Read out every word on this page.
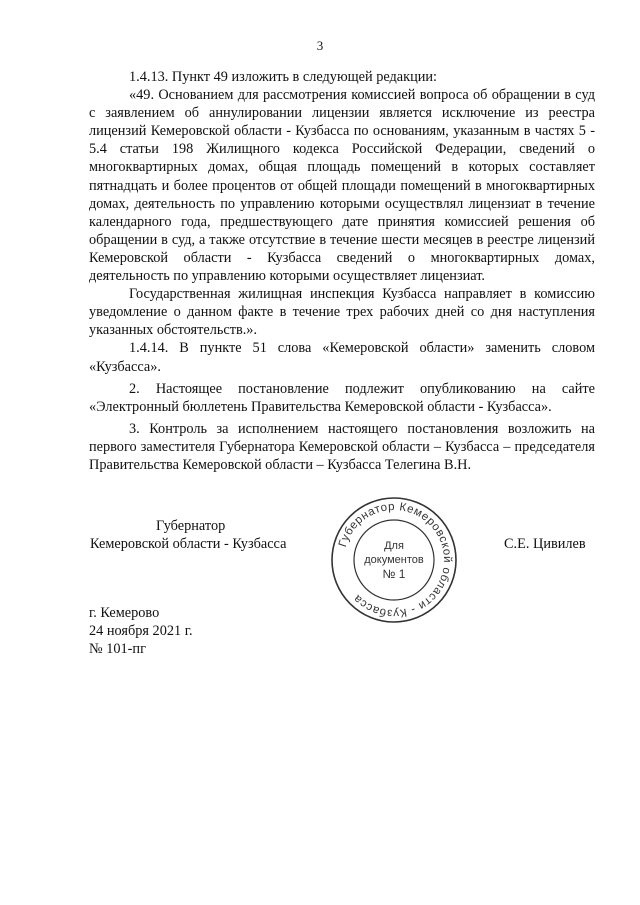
3

1.4.13. Пункт 49 изложить в следующей редакции:

«49. Основанием для рассмотрения комиссией вопроса об обращении в суд с заявлением об аннулировании лицензии является исключение из реестра лицензий Кемеровской области - Кузбасса по основаниям, указанным в частях 5 - 5.4 статьи 198 Жилищного кодекса Российской Федерации, сведений о многоквартирных домах, общая площадь помещений в которых составляет пятнадцать и более процентов от общей площади помещений в многоквартирных домах, деятельность по управлению которыми осуществлял лицензиат в течение календарного года, предшествующего дате принятия комиссией решения об обращении в суд, а также отсутствие в течение шести месяцев в реестре лицензий Кемеровской области - Кузбасса сведений о многоквартирных домах, деятельность по управлению которыми осуществляет лицензиат.

Государственная жилищная инспекция Кузбасса направляет в комиссию уведомление о данном факте в течение трех рабочих дней со дня наступления указанных обстоятельств.».

1.4.14. В пункте 51 слова «Кемеровской области» заменить словом «Кузбасса».

2. Настоящее постановление подлежит опубликованию на сайте «Электронный бюллетень Правительства Кемеровской области - Кузбасса».

3. Контроль за исполнением настоящего постановления возложить на первого заместителя Губернатора Кемеровской области – Кузбасса – председателя Правительства Кемеровской области – Кузбасса Телегина В.Н.

Губернатор
Кемеровской области - Кузбасса	Губернатор Кемеровской области - Кузбасса
Для
документов
№ 1
С.Е. Цивилев
г. Кемерово
24 ноября 2021 г.
№ 101-пг
